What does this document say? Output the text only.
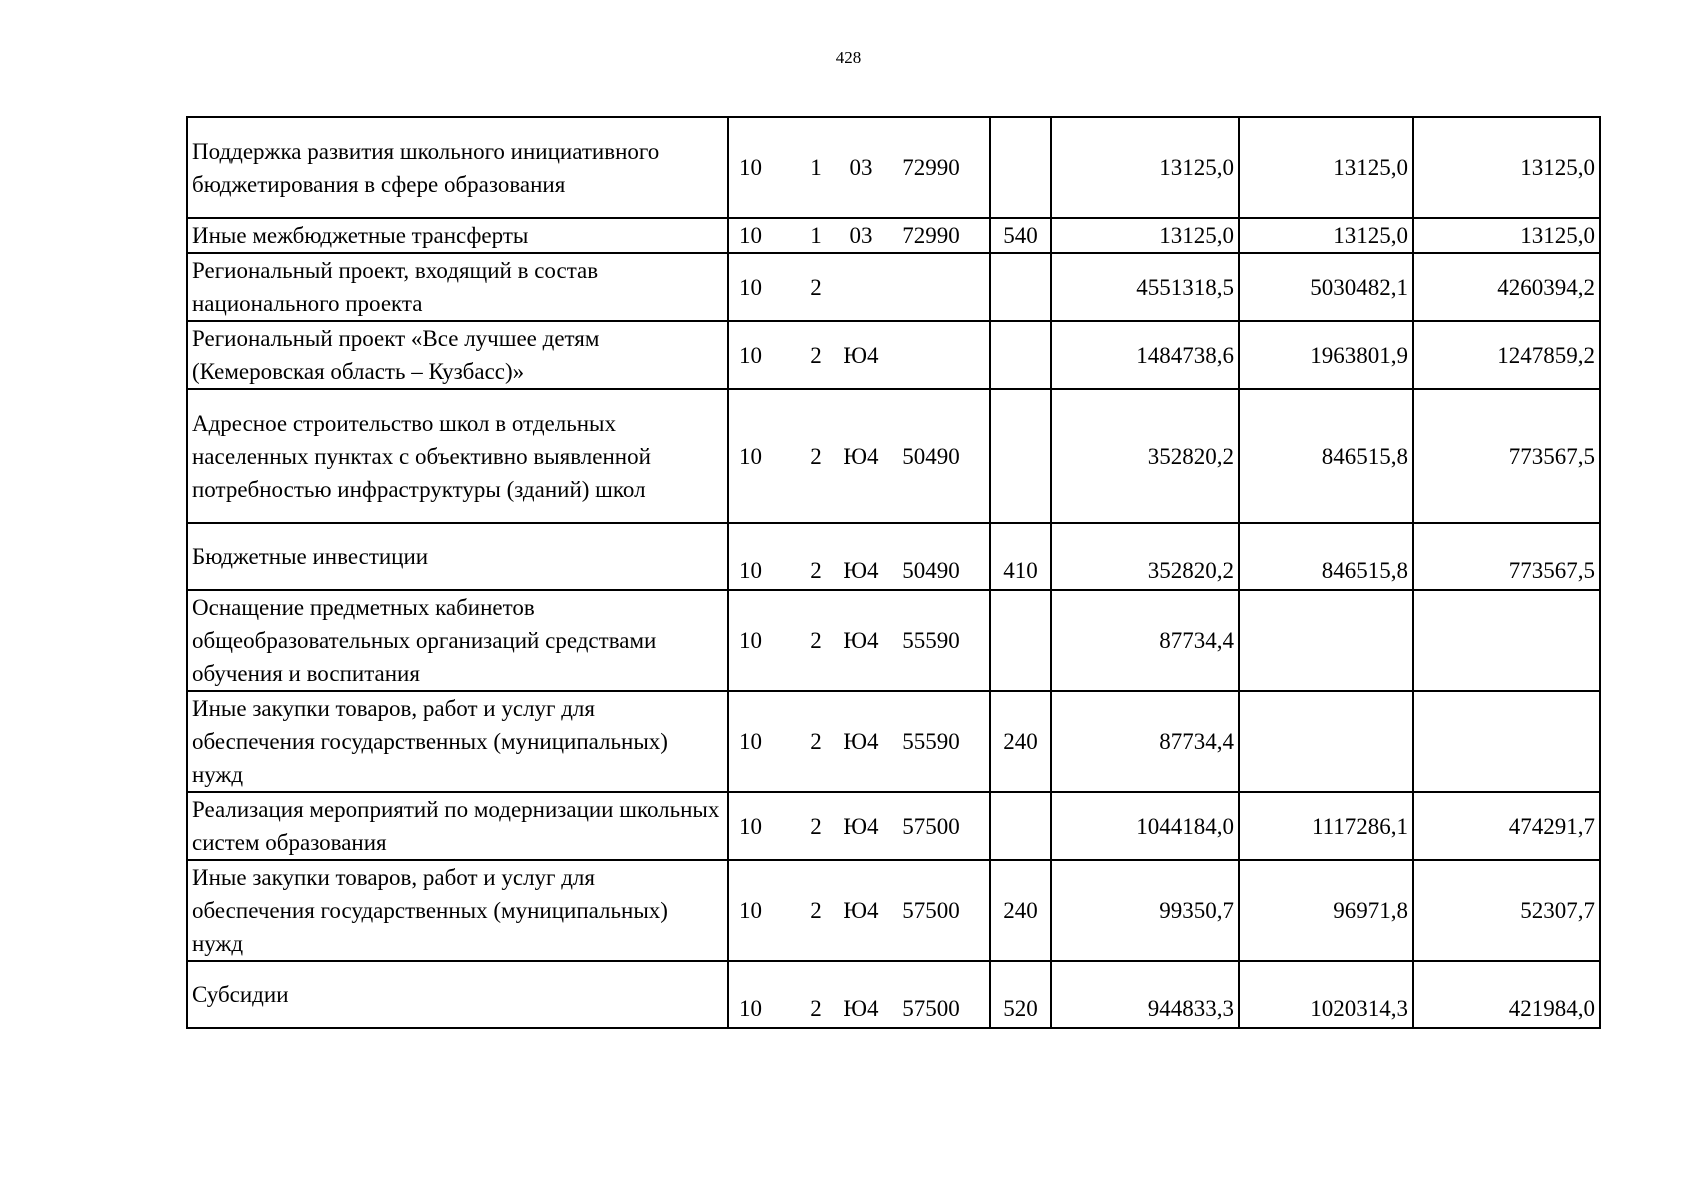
428
Поддержка развития школьного инициативного бюджетирования в сфере образования	10 1 03 72990		13125,0	13125,0	13125,0
Иные межбюджетные трансферты	10 1 03 72990	540	13125,0	13125,0	13125,0
Региональный проект, входящий в состав национального проекта	10 2		4551318,5	5030482,1	4260394,2
Региональный проект «Все лучшее детям (Кемеровская область – Кузбасс)»	10 2 Ю4		1484738,6	1963801,9	1247859,2
Адресное строительство школ в отдельных населенных пунктах с объективно выявленной потребностью инфраструктуры (зданий) школ	10 2 Ю4 50490		352820,2	846515,8	773567,5
Бюджетные инвестиции	10 2 Ю4 50490	410	352820,2	846515,8	773567,5
Оснащение предметных кабинетов общеобразовательных организаций средствами обучения и воспитания	10 2 Ю4 55590		87734,4		
Иные закупки товаров, работ и услуг для обеспечения государственных (муниципальных) нужд	10 2 Ю4 55590	240	87734,4		
Реализация мероприятий по модернизации школьных систем образования	10 2 Ю4 57500		1044184,0	1117286,1	474291,7
Иные закупки товаров, работ и услуг для обеспечения государственных (муниципальных) нужд	10 2 Ю4 57500	240	99350,7	96971,8	52307,7
Субсидии	10 2 Ю4 57500	520	944833,3	1020314,3	421984,0
